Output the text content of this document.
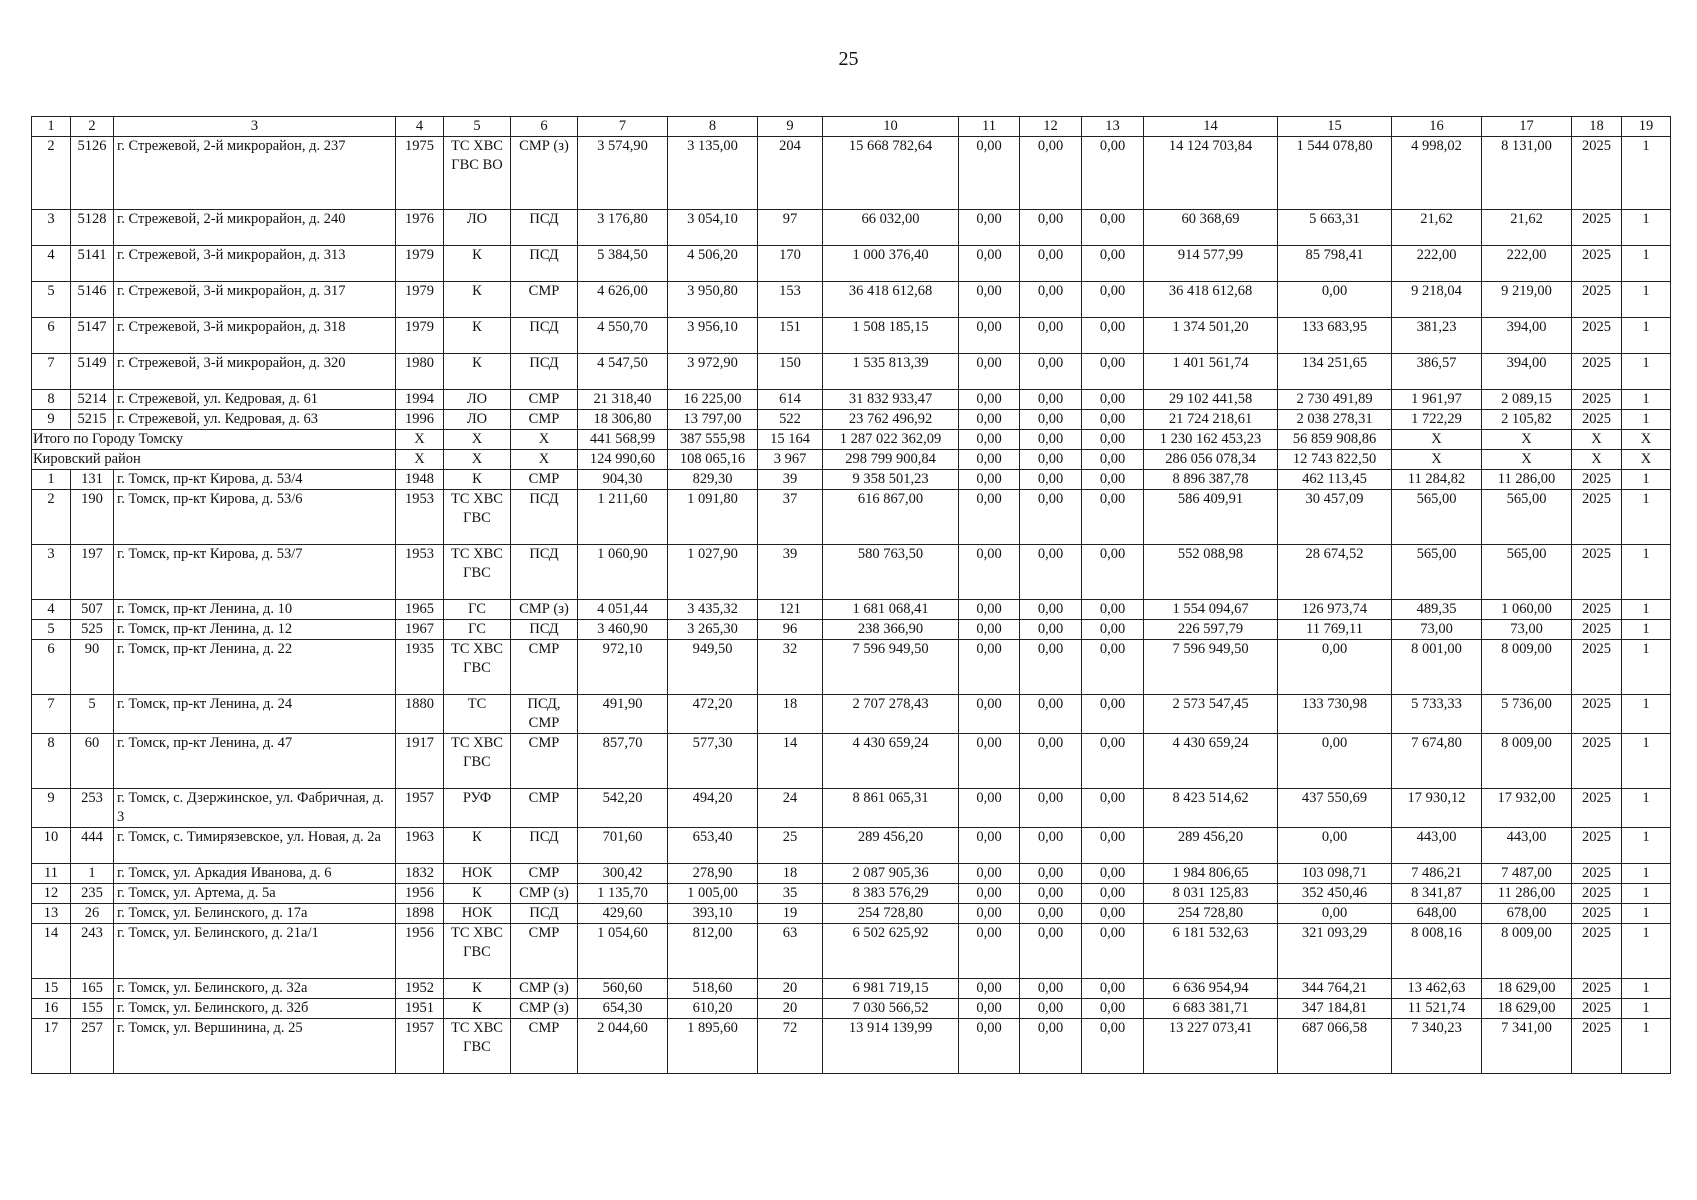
25
1	2	3	4	5	6	7	8	9	10	11	12	13	14	15	16	17	18	19
2	5126	г. Стрежевой, 2-й микрорайон, д. 237	1975	ТС ХВС ГВС ВО	СМР (з)	3 574,90	3 135,00	204	15 668 782,64	0,00	0,00	0,00	14 124 703,84	1 544 078,80	4 998,02	8 131,00	2025	1
3	5128	г. Стрежевой, 2-й микрорайон, д. 240	1976	ЛО	ПСД	3 176,80	3 054,10	97	66 032,00	0,00	0,00	0,00	60 368,69	5 663,31	21,62	21,62	2025	1
4	5141	г. Стрежевой, 3-й микрорайон, д. 313	1979	К	ПСД	5 384,50	4 506,20	170	1 000 376,40	0,00	0,00	0,00	914 577,99	85 798,41	222,00	222,00	2025	1
5	5146	г. Стрежевой, 3-й микрорайон, д. 317	1979	К	СМР	4 626,00	3 950,80	153	36 418 612,68	0,00	0,00	0,00	36 418 612,68	0,00	9 218,04	9 219,00	2025	1
6	5147	г. Стрежевой, 3-й микрорайон, д. 318	1979	К	ПСД	4 550,70	3 956,10	151	1 508 185,15	0,00	0,00	0,00	1 374 501,20	133 683,95	381,23	394,00	2025	1
7	5149	г. Стрежевой, 3-й микрорайон, д. 320	1980	К	ПСД	4 547,50	3 972,90	150	1 535 813,39	0,00	0,00	0,00	1 401 561,74	134 251,65	386,57	394,00	2025	1
8	5214	г. Стрежевой, ул. Кедровая, д. 61	1994	ЛО	СМР	21 318,40	16 225,00	614	31 832 933,47	0,00	0,00	0,00	29 102 441,58	2 730 491,89	1 961,97	2 089,15	2025	1
9	5215	г. Стрежевой, ул. Кедровая, д. 63	1996	ЛО	СМР	18 306,80	13 797,00	522	23 762 496,92	0,00	0,00	0,00	21 724 218,61	2 038 278,31	1 722,29	2 105,82	2025	1
Итого по Городу Томску			Х	Х	Х	441 568,99	387 555,98	15 164	1 287 022 362,09	0,00	0,00	0,00	1 230 162 453,23	56 859 908,86	Х	Х	Х	Х
Кировский район			Х	Х	Х	124 990,60	108 065,16	3 967	298 799 900,84	0,00	0,00	0,00	286 056 078,34	12 743 822,50	Х	Х	Х	Х
1	131	г. Томск, пр-кт Кирова, д. 53/4	1948	К	СМР	904,30	829,30	39	9 358 501,23	0,00	0,00	0,00	8 896 387,78	462 113,45	11 284,82	11 286,00	2025	1
2	190	г. Томск, пр-кт Кирова, д. 53/6	1953	ТС ХВС ГВС	ПСД	1 211,60	1 091,80	37	616 867,00	0,00	0,00	0,00	586 409,91	30 457,09	565,00	565,00	2025	1
3	197	г. Томск, пр-кт Кирова, д. 53/7	1953	ТС ХВС ГВС	ПСД	1 060,90	1 027,90	39	580 763,50	0,00	0,00	0,00	552 088,98	28 674,52	565,00	565,00	2025	1
4	507	г. Томск, пр-кт Ленина, д. 10	1965	ГС	СМР (з)	4 051,44	3 435,32	121	1 681 068,41	0,00	0,00	0,00	1 554 094,67	126 973,74	489,35	1 060,00	2025	1
5	525	г. Томск, пр-кт Ленина, д. 12	1967	ГС	ПСД	3 460,90	3 265,30	96	238 366,90	0,00	0,00	0,00	226 597,79	11 769,11	73,00	73,00	2025	1
6	90	г. Томск, пр-кт Ленина, д. 22	1935	ТС ХВС ГВС	СМР	972,10	949,50	32	7 596 949,50	0,00	0,00	0,00	7 596 949,50	0,00	8 001,00	8 009,00	2025	1
7	5	г. Томск, пр-кт Ленина, д. 24	1880	ТС	ПСД, СМР	491,90	472,20	18	2 707 278,43	0,00	0,00	0,00	2 573 547,45	133 730,98	5 733,33	5 736,00	2025	1
8	60	г. Томск, пр-кт Ленина, д. 47	1917	ТС ХВС ГВС	СМР	857,70	577,30	14	4 430 659,24	0,00	0,00	0,00	4 430 659,24	0,00	7 674,80	8 009,00	2025	1
9	253	г. Томск, с. Дзержинское, ул. Фабричная, д. 3	1957	РУФ	СМР	542,20	494,20	24	8 861 065,31	0,00	0,00	0,00	8 423 514,62	437 550,69	17 930,12	17 932,00	2025	1
10	444	г. Томск, с. Тимирязевское, ул. Новая, д. 2а	1963	К	ПСД	701,60	653,40	25	289 456,20	0,00	0,00	0,00	289 456,20	0,00	443,00	443,00	2025	1
11	1	г. Томск, ул. Аркадия Иванова, д. 6	1832	НОК	СМР	300,42	278,90	18	2 087 905,36	0,00	0,00	0,00	1 984 806,65	103 098,71	7 486,21	7 487,00	2025	1
12	235	г. Томск, ул. Артема, д. 5а	1956	К	СМР (з)	1 135,70	1 005,00	35	8 383 576,29	0,00	0,00	0,00	8 031 125,83	352 450,46	8 341,87	11 286,00	2025	1
13	26	г. Томск, ул. Белинского, д. 17а	1898	НОК	ПСД	429,60	393,10	19	254 728,80	0,00	0,00	0,00	254 728,80	0,00	648,00	678,00	2025	1
14	243	г. Томск, ул. Белинского, д. 21а/1	1956	ТС ХВС ГВС	СМР	1 054,60	812,00	63	6 502 625,92	0,00	0,00	0,00	6 181 532,63	321 093,29	8 008,16	8 009,00	2025	1
15	165	г. Томск, ул. Белинского, д. 32а	1952	К	СМР (з)	560,60	518,60	20	6 981 719,15	0,00	0,00	0,00	6 636 954,94	344 764,21	13 462,63	18 629,00	2025	1
16	155	г. Томск, ул. Белинского, д. 32б	1951	К	СМР (з)	654,30	610,20	20	7 030 566,52	0,00	0,00	0,00	6 683 381,71	347 184,81	11 521,74	18 629,00	2025	1
17	257	г. Томск, ул. Вершинина, д. 25	1957	ТС ХВС ГВС	СМР	2 044,60	1 895,60	72	13 914 139,99	0,00	0,00	0,00	13 227 073,41	687 066,58	7 340,23	7 341,00	2025	1
